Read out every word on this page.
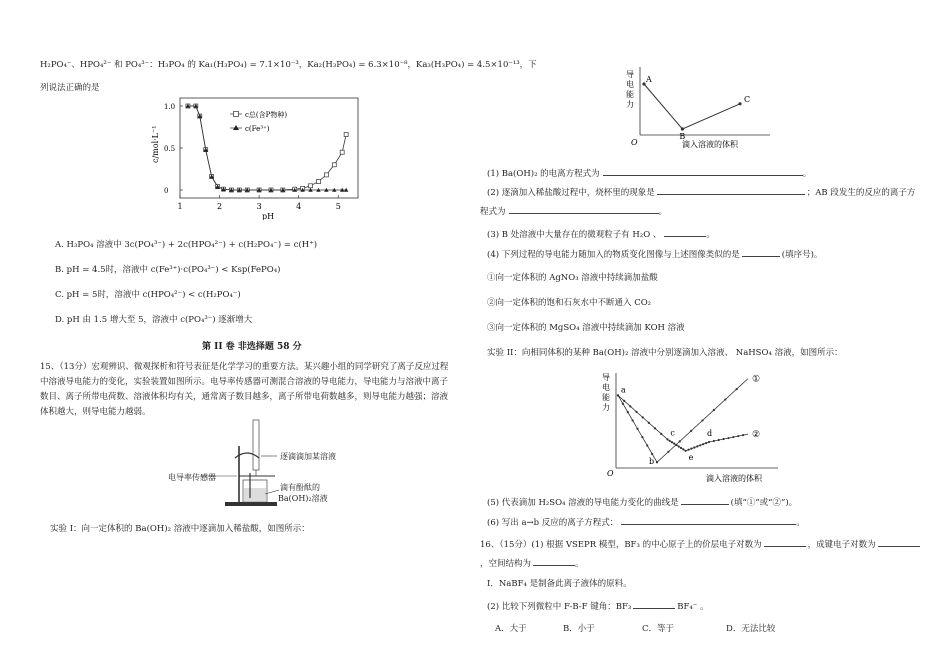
H₂PO₄⁻、HPO₄²⁻ 和 PO₄³⁻：H₃PO₄ 的 Ka₁(H₃PO₄) = 7.1×10⁻³，Ka₂(H₃PO₄) = 6.3×10⁻⁸，Ka₃(H₃PO₄) = 4.5×10⁻¹³，下
列说法正确的是
1	2	3	4	5
0
0.5
1.0
c/mol·L⁻¹
pH
c总(含P物种)
c(Fe³⁺)
A. H₃PO₄ 溶液中 3c(PO₄³⁻) + 2c(HPO₄²⁻) + c(H₂PO₄⁻) = c(H⁺)
B. pH = 4.5时，溶液中 c(Fe³⁺)·c(PO₄³⁻) < Ksp(FePO₄)
C. pH = 5时，溶液中 c(HPO₄²⁻) < c(H₂PO₄⁻)
D. pH 由 1.5 增大至 5，溶液中 c(PO₄³⁻) 逐渐增大
第 II 卷 非选择题 58 分
15、（13分）宏观辨识、微观探析和符号表征是化学学习的重要方法。某兴趣小组的同学研究了离子反应过程
中溶液导电能力的变化，实验装置如图所示。电导率传感器可测混合溶液的导电能力，导电能力与溶液中离子
数目、离子所带电荷数、溶液体积均有关，通常离子数目越多，离子所带电荷数越多，则导电能力越强；溶液
体积越大，则导电能力越弱。
逐滴滴加某溶液
电导率传感器
滴有酚酞的
Ba(OH)₂溶液
实验 I：向一定体积的 Ba(OH)₂ 溶液中逐滴加入稀盐酸，如图所示：
A
B
C
导
电
能
力
O	滴入溶液的体积
(1) Ba(OH)₂ 的电离方程式为	。
(2) 逐滴加入稀盐酸过程中，烧杯里的现象是	；AB 段发生的反应的离子方
程式为	。
(3) B 处溶液中大量存在的微观粒子有 H₂O 、	。
(4) 下列过程的导电能力随加入的物质变化图像与上述图像类似的是	(填序号)。
①向一定体积的 AgNO₃ 溶液中持续滴加盐酸
②向一定体积的饱和石灰水中不断通入 CO₂
③向一定体积的 MgSO₄ 溶液中持续滴加 KOH 溶液
实验 II：向相同体积的某种 Ba(OH)₂ 溶液中分别逐滴加入溶液、 NaHSO₄ 溶液，如图所示：
a
b
①
c
e
d	②
导
电
能
力
O
滴入溶液的体积
(5) 代表滴加 H₂SO₄ 溶液的导电能力变化的曲线是	(填“①”或“②”)。
(6) 写出 a→b 反应的离子方程式：	。
16、（15分）(1) 根据 VSEPR 模型，BF₃ 的中心原子上的价层电子对数为	，成键电子对数为
，空间结构为	。
I．NaBF₄ 是制备此离子液体的原料。
(2) 比较下列微粒中 F-B-F 键角：BF₃	BF₄⁻ 。
A．大于	B．小于	C．等于	D．无法比较
